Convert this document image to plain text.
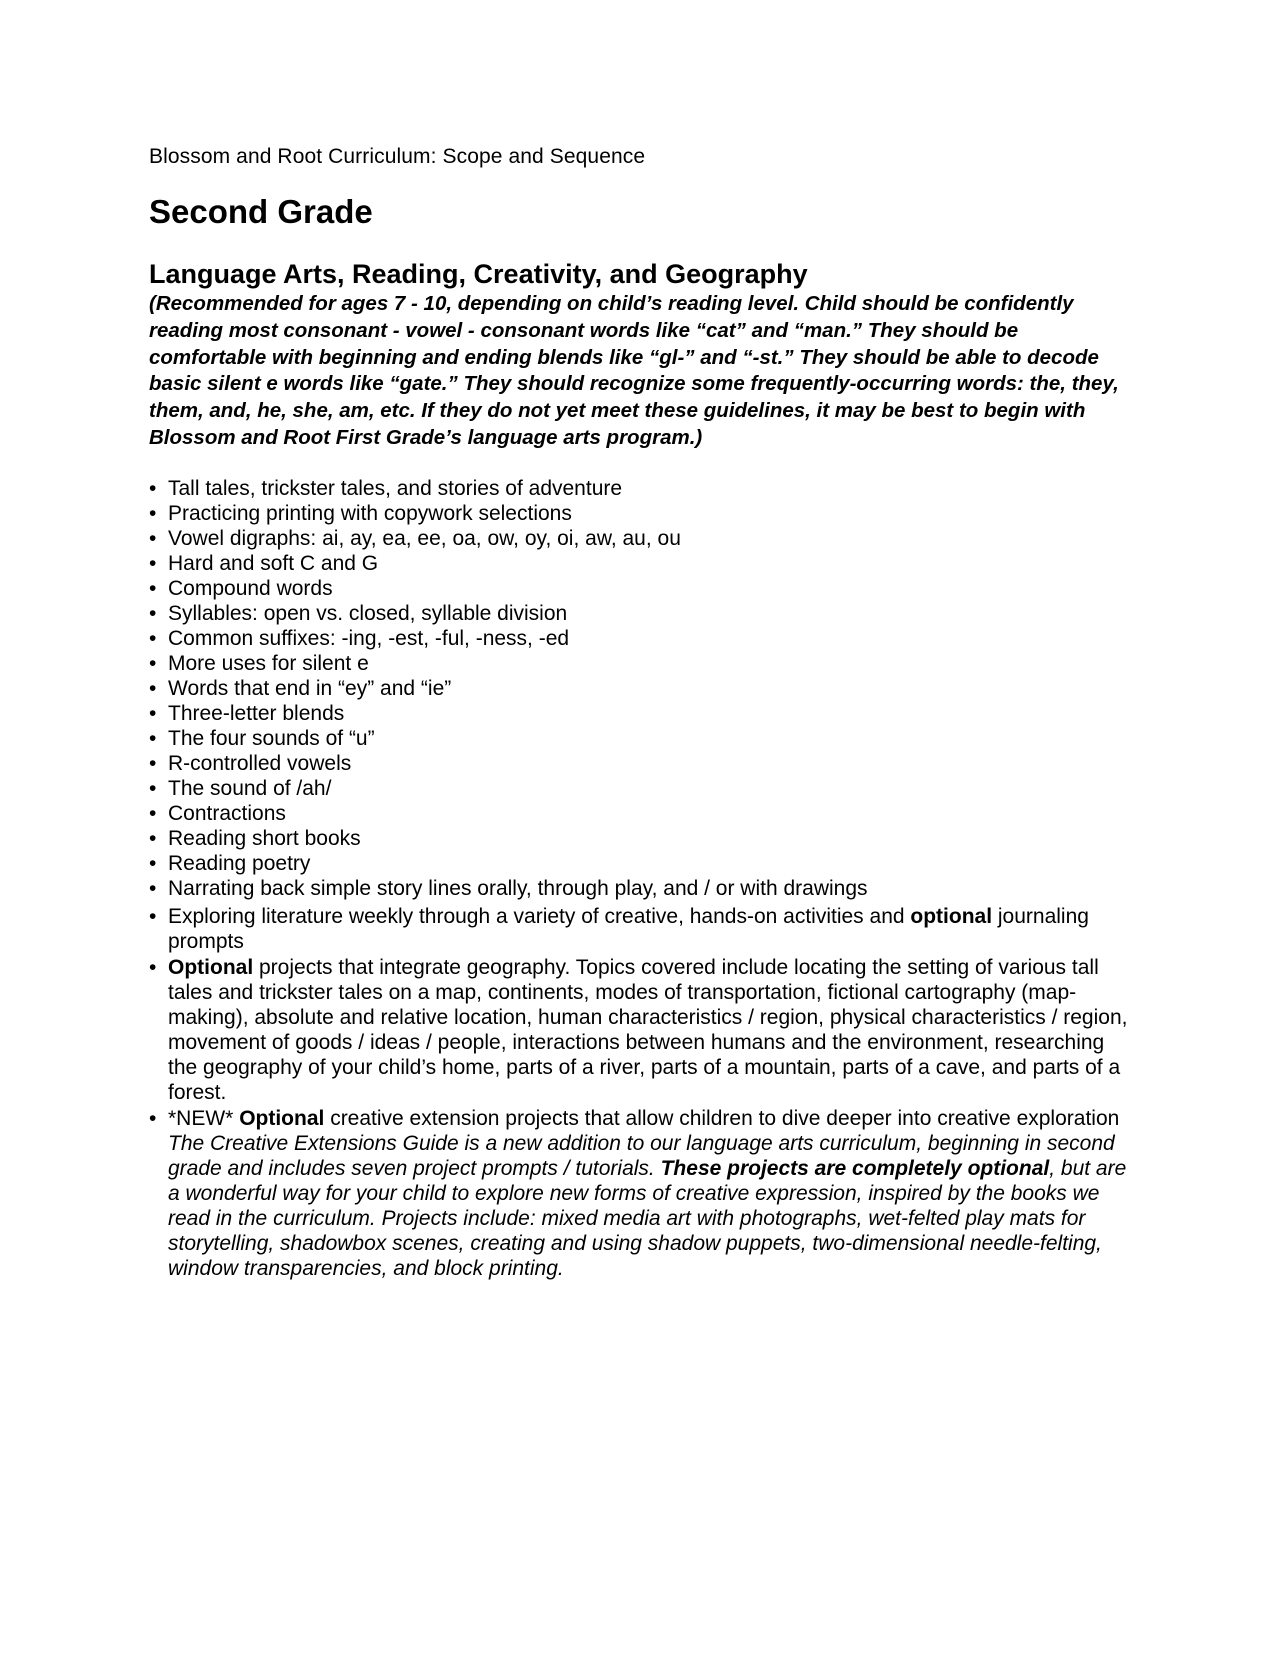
Blossom and Root Curriculum: Scope and Sequence

Second Grade
Language Arts, Reading, Creativity, and Geography

(Recommended for ages 7 - 10, depending on child’s reading level. Child should be confidently reading most consonant - vowel - consonant words like “cat” and “man.” They should be comfortable with beginning and ending blends like “gl-” and “-st.” They should be able to decode basic silent e words like “gate.” They should recognize some frequently-occurring words: the, they, them, and, he, she, am, etc. If they do not yet meet these guidelines, it may be best to begin with Blossom and Root First Grade’s language arts program.)

• Tall tales, trickster tales, and stories of adventure
• Practicing printing with copywork selections
• Vowel digraphs: ai, ay, ea, ee, oa, ow, oy, oi, aw, au, ou
• Hard and soft C and G
• Compound words
• Syllables: open vs. closed, syllable division
• Common suffixes: -ing, -est, -ful, -ness, -ed
• More uses for silent e
• Words that end in “ey” and “ie”
• Three-letter blends
• The four sounds of “u”
• R-controlled vowels
• The sound of /ah/
• Contractions
• Reading short books
• Reading poetry
• Narrating back simple story lines orally, through play, and / or with drawings
• Exploring literature weekly through a variety of creative, hands-on activities and optional journaling prompts
• Optional projects that integrate geography. Topics covered include locating the setting of various tall tales and trickster tales on a map, continents, modes of transportation, fictional cartography (map-making), absolute and relative location, human characteristics / region, physical characteristics / region, movement of goods / ideas / people, interactions between humans and the environment, researching the geography of your child’s home, parts of a river, parts of a mountain, parts of a cave, and parts of a forest.
• *NEW* Optional creative extension projects that allow children to dive deeper into creative exploration
The Creative Extensions Guide is a new addition to our language arts curriculum, beginning in second grade and includes seven project prompts / tutorials. These projects are completely optional, but are a wonderful way for your child to explore new forms of creative expression, inspired by the books we read in the curriculum. Projects include: mixed media art with photographs, wet-felted play mats for storytelling, shadowbox scenes, creating and using shadow puppets, two-dimensional needle-felting, window transparencies, and block printing.
